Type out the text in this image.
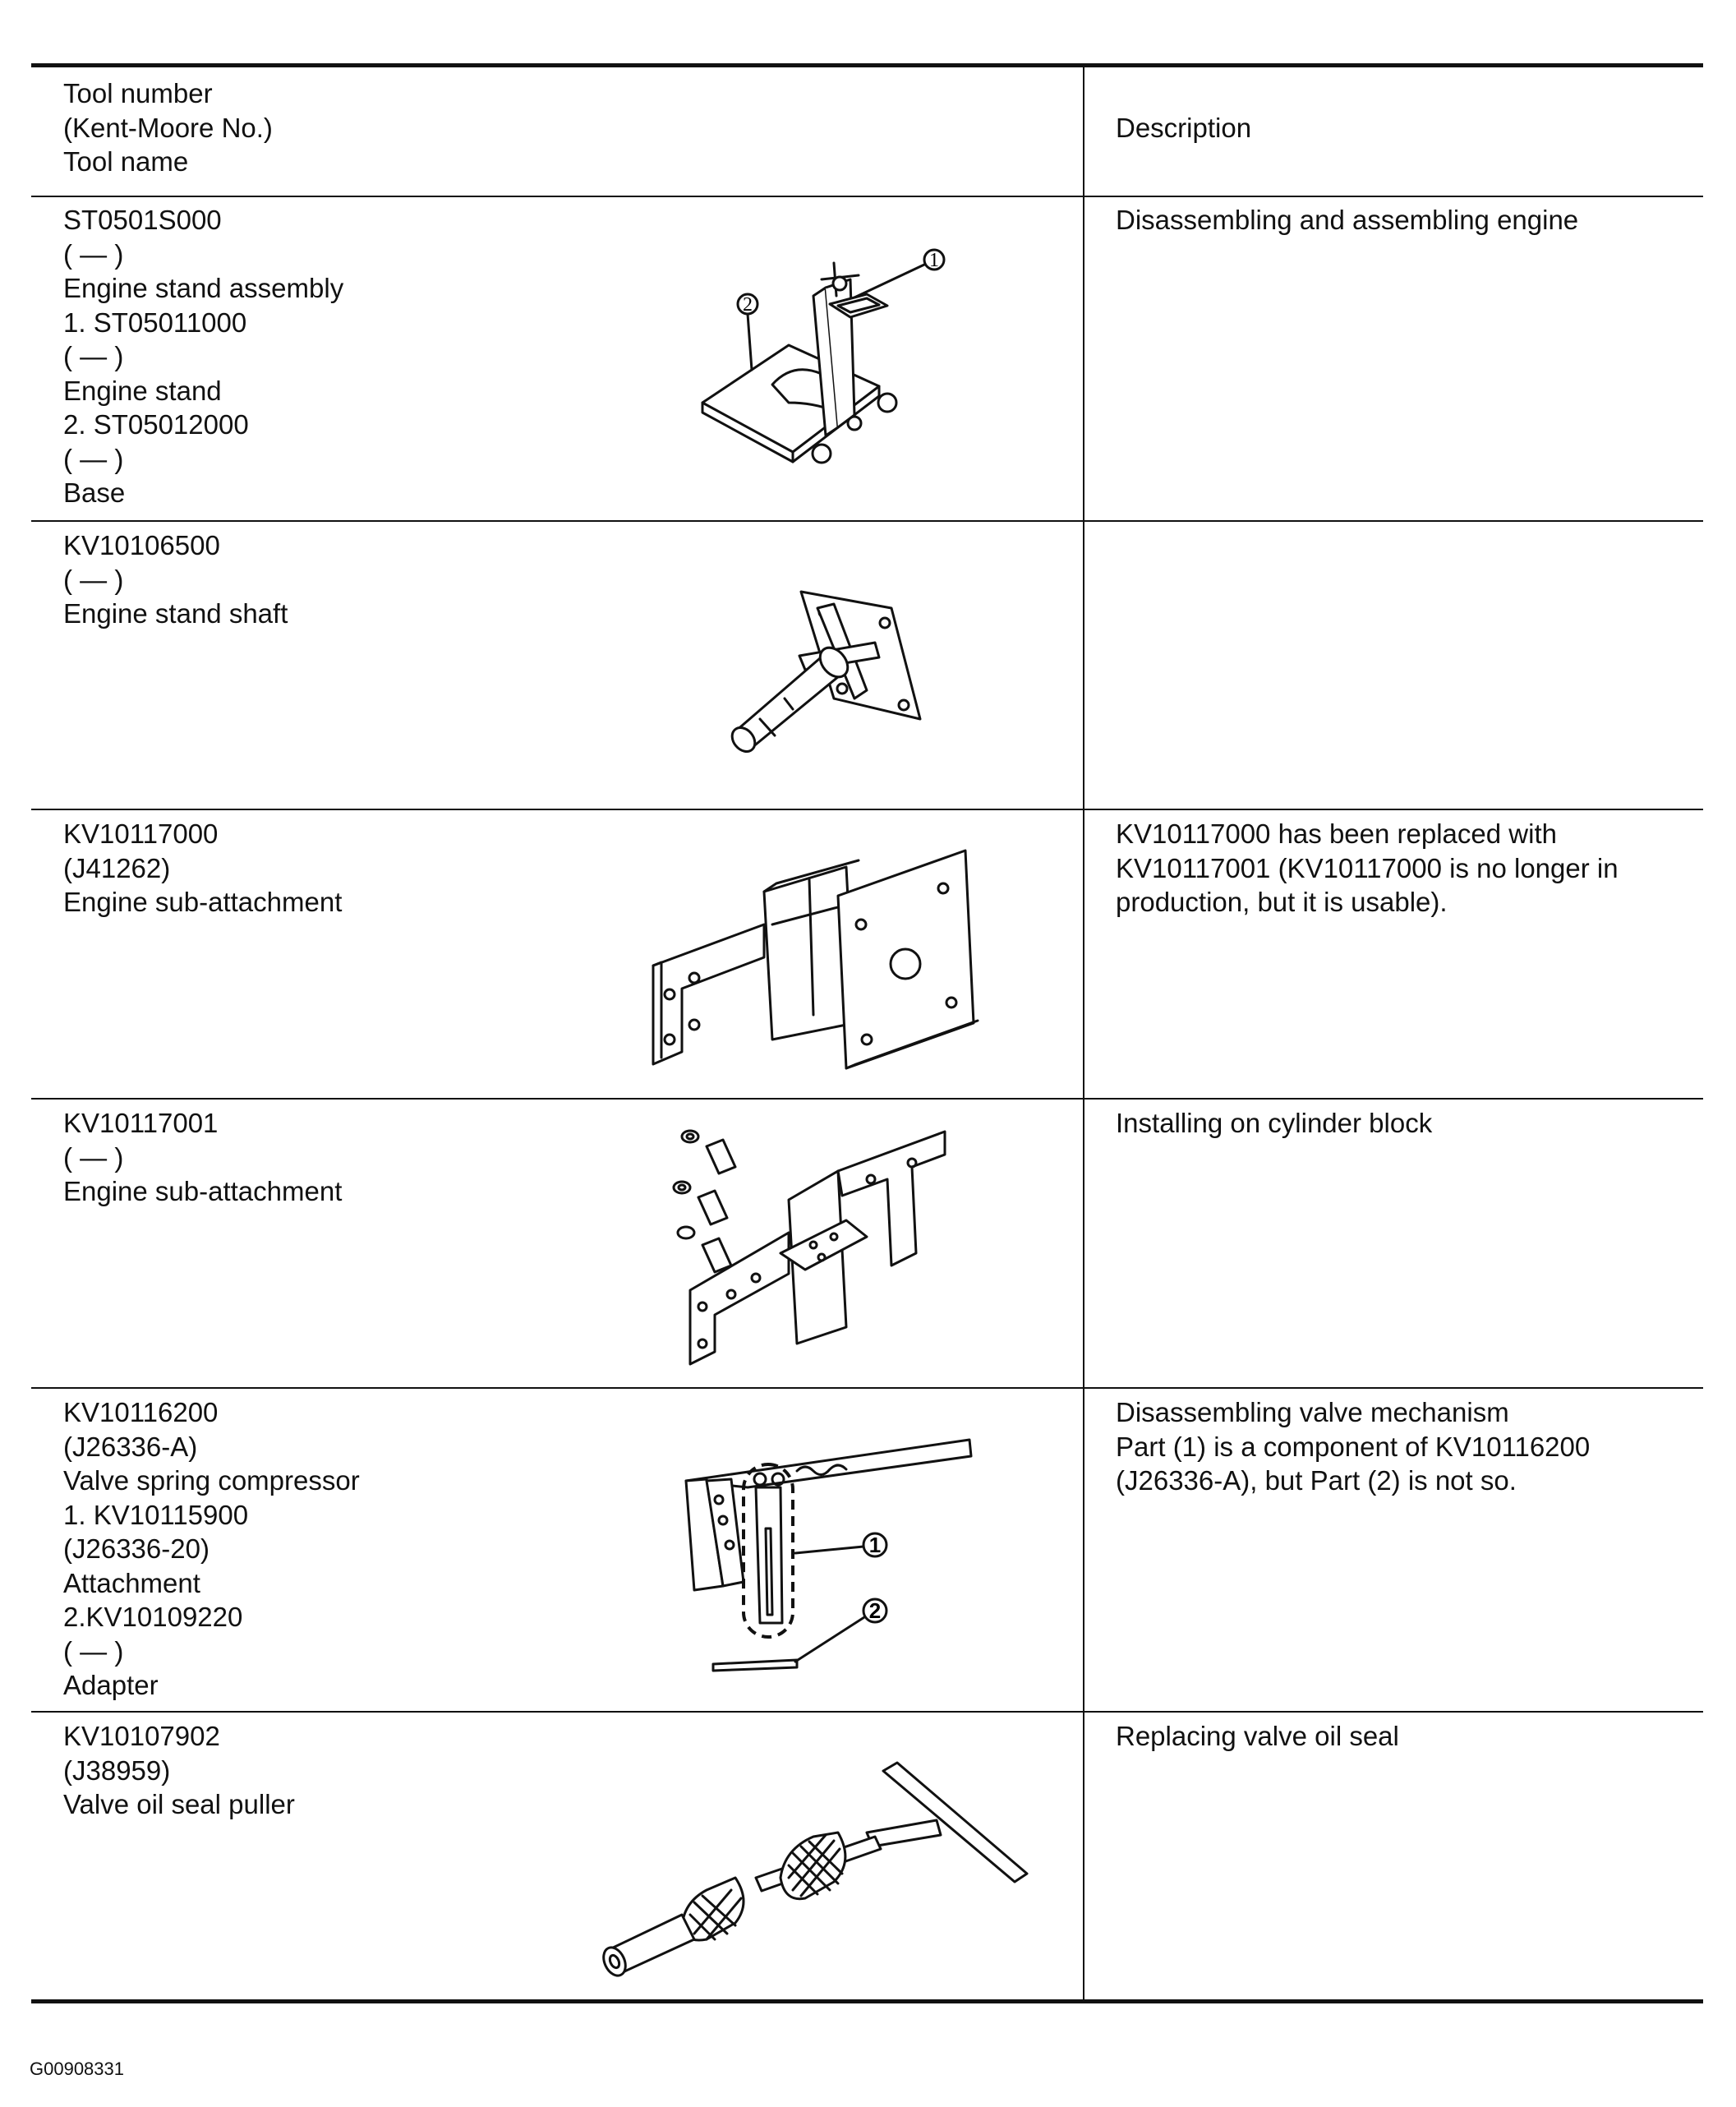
Tool number
(Kent-Moore No.)
Tool name
Description
ST0501S000
( — )
Engine stand assembly
1. ST05011000
( — )
Engine stand
2. ST05012000
( — )
Base
Disassembling and assembling engine
1
2
KV10106500
( — )
Engine stand shaft
KV10117000
(J41262)
Engine sub-attachment
KV10117000 has been replaced with
KV10117001 (KV10117000 is no longer in
production, but it is usable).
KV10117001
( — )
Engine sub-attachment
Installing on cylinder block
KV10116200
(J26336-A)
Valve spring compressor
1. KV10115900
(J26336-20)
Attachment
2.KV10109220
( — )
Adapter
Disassembling valve mechanism
Part (1) is a component of KV10116200
(J26336-A), but Part (2) is not so.
1
2
KV10107902
(J38959)
Valve oil seal puller
Replacing valve oil seal
G00908331
